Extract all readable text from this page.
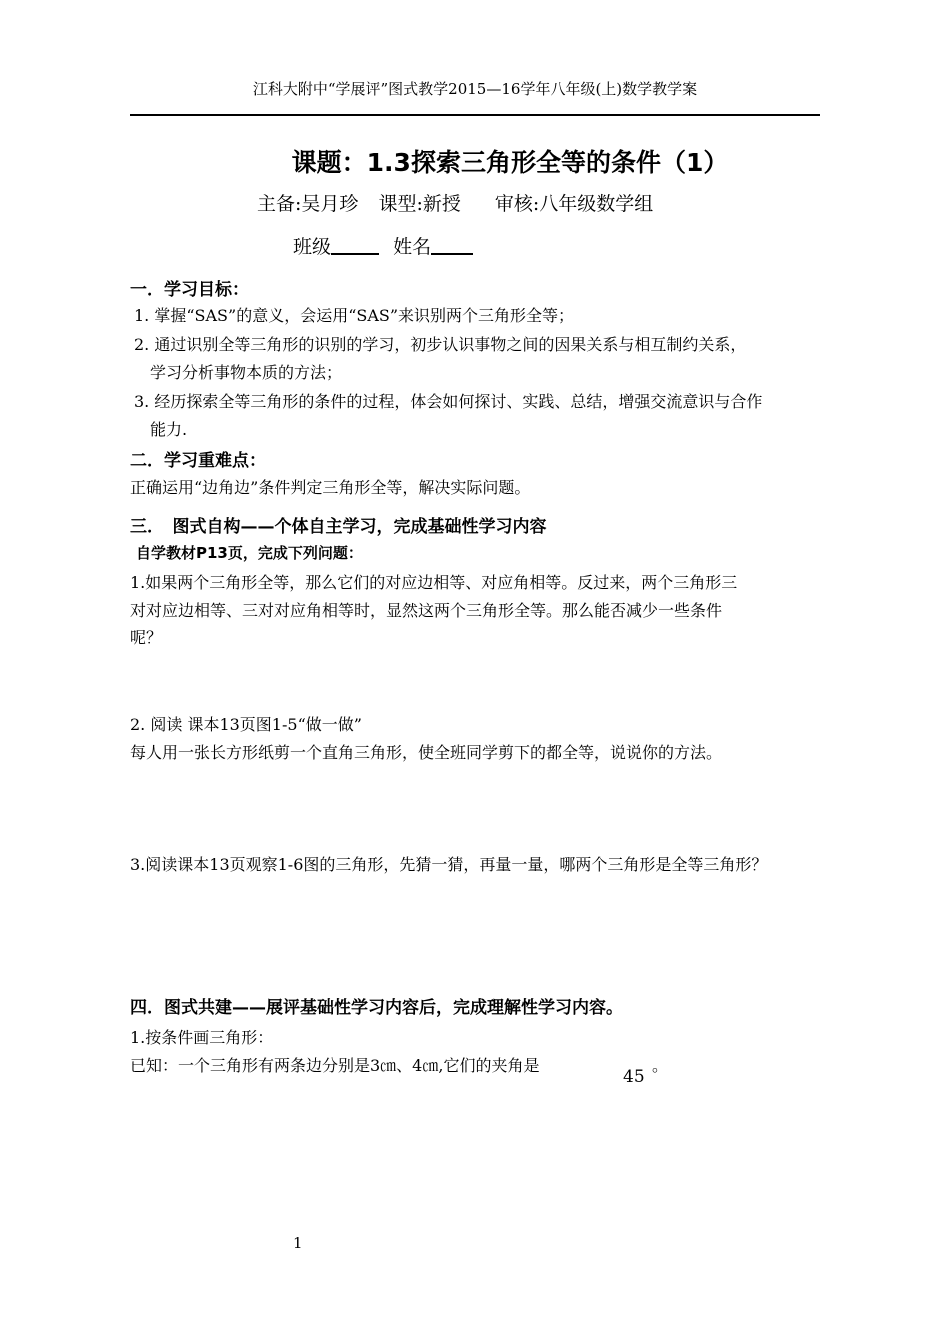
江科大附中“学展评”图式教学2015—16学年八年级(上)数学教学案
课题：1.3探索三角形全等的条件（1）
主备:吴月珍 课型:新授 审核:八年级数学组
班级	姓名
一．学习目标：
1. 掌握“SAS”的意义，会运用“SAS”来识别两个三角形全等；
2. 通过识别全等三角形的识别的学习，初步认识事物之间的因果关系与相互制约关系，
学习分析事物本质的方法；
3. 经历探索全等三角形的条件的过程，体会如何探讨、实践、总结，增强交流意识与合作
能力.
二．学习重难点：
正确运用“边角边”条件判定三角形全等，解决实际问题。
三．　图式自构——个体自主学习，完成基础性学习内容
自学教材P13页，完成下列问题：
1.如果两个三角形全等，那么它们的对应边相等、对应角相等。反过来，两个三角形三
对对应边相等、三对对应角相等时，显然这两个三角形全等。那么能否减少一些条件
呢？
2. 阅读 课本13页图1-5“做一做”
每人用一张长方形纸剪一个直角三角形，使全班同学剪下的都全等，说说你的方法。
3.阅读课本13页观察1-6图的三角形，先猜一猜，再量一量，哪两个三角形是全等三角形？
四．图式共建——展评基础性学习内容后，完成理解性学习内容。
1.按条件画三角形：
已知：一个三角形有两条边分别是3㎝、4㎝,它们的夹角是
45
。
1
